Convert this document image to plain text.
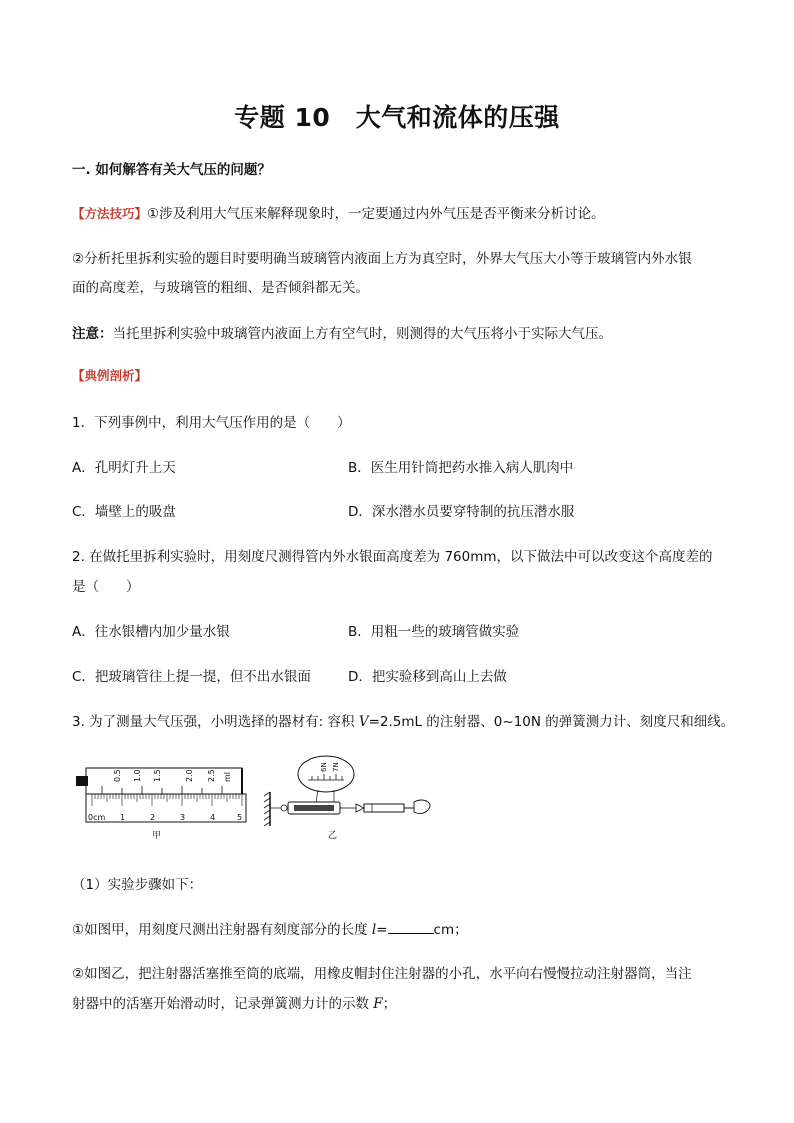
专题 10　大气和流体的压强
一. 如何解答有关大气压的问题？
【方法技巧】①涉及利用大气压来解释现象时，一定要通过内外气压是否平衡来分析讨论。
②分析托里拆利实验的题目时要明确当玻璃管内液面上方为真空时，外界大气压大小等于玻璃管内外水银
面的高度差，与玻璃管的粗细、是否倾斜都无关。
注意：当托里拆利实验中玻璃管内液面上方有空气时，则测得的大气压将小于实际大气压。
【典例剖析】
1．下列事例中，利用大气压作用的是（　　）
A．孔明灯升上天	B．医生用针筒把药水推入病人肌肉中
C．墙壁上的吸盘	D．深水潜水员要穿特制的抗压潜水服
2. 在做托里拆利实验时，用刻度尺测得管内外水银面高度差为 760mm，以下做法中可以改变这个高度差的
是（　　）
A．往水银槽内加少量水银	B．用粗一些的玻璃管做实验
C．把玻璃管往上提一提，但不出水银面	D．把实验移到高山上去做
3. 为了测量大气压强，小明选择的器材有: 容积 V=2.5mL 的注射器、0~10N 的弹簧测力计、刻度尺和细线。
0.5 1.0 1.5	2.0 2.5 ml
0cm 1	2	3	4	5
甲
6N 7N
乙
（1）实验步骤如下：
①如图甲，用刻度尺测出注射器有刻度部分的长度 l=	cm；
②如图乙，把注射器活塞推至筒的底端，用橡皮帽封住注射器的小孔，水平向右慢慢拉动注射器筒，当注
射器中的活塞开始滑动时，记录弹簧测力计的示数 F；
